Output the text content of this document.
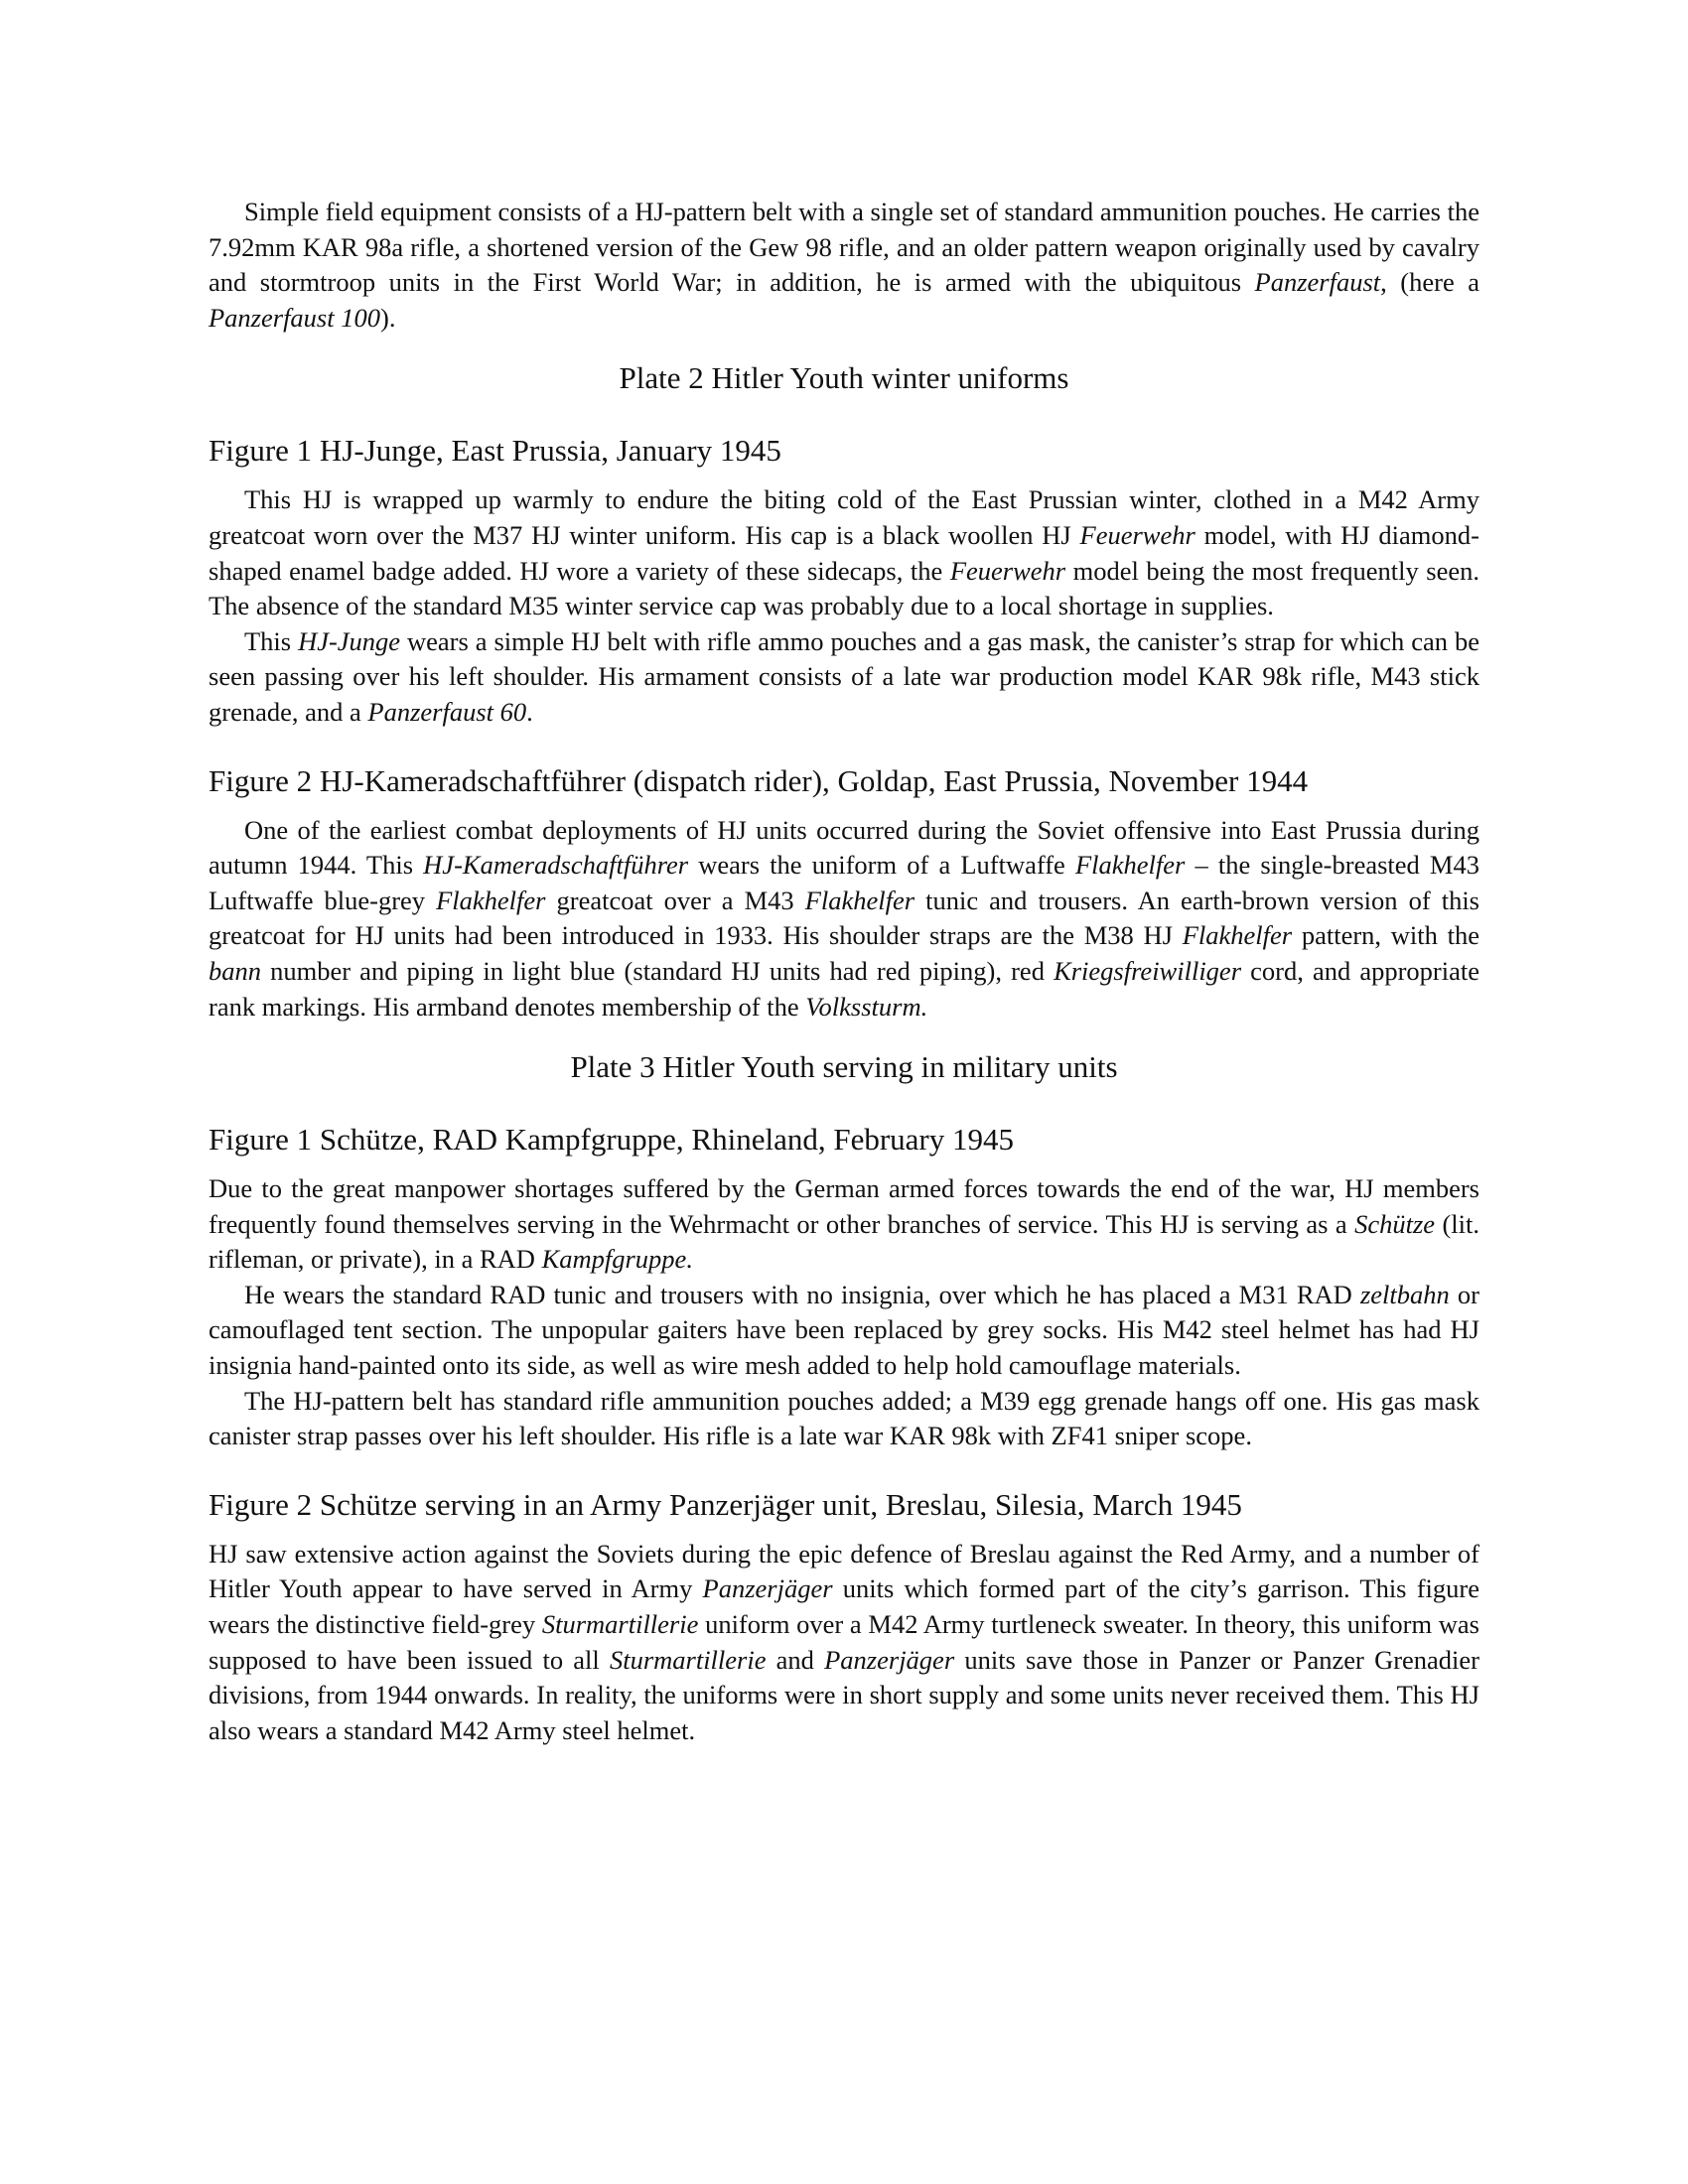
Simple field equipment consists of a HJ-pattern belt with a single set of standard ammunition pouches. He carries the 7.92mm KAR 98a rifle, a shortened version of the Gew 98 rifle, and an older pattern weapon originally used by cavalry and stormtroop units in the First World War; in addition, he is armed with the ubiquitous Panzerfaust, (here a Panzerfaust 100).

Plate 2 Hitler Youth winter uniforms
Figure 1 HJ-Junge, East Prussia, January 1945

This HJ is wrapped up warmly to endure the biting cold of the East Prussian winter, clothed in a M42 Army greatcoat worn over the M37 HJ winter uniform. His cap is a black woollen HJ Feuerwehr model, with HJ diamond-shaped enamel badge added. HJ wore a variety of these sidecaps, the Feuerwehr model being the most frequently seen. The absence of the standard M35 winter service cap was probably due to a local shortage in supplies.

This HJ-Junge wears a simple HJ belt with rifle ammo pouches and a gas mask, the canister’s strap for which can be seen passing over his left shoulder. His armament consists of a late war production model KAR 98k rifle, M43 stick grenade, and a Panzerfaust 60.

Figure 2 HJ-Kameradschaftführer (dispatch rider), Goldap, East Prussia, November 1944

One of the earliest combat deployments of HJ units occurred during the Soviet offensive into East Prussia during autumn 1944. This HJ-Kameradschaftführer wears the uniform of a Luftwaffe Flakhelfer – the single-breasted M43 Luftwaffe blue-grey Flakhelfer greatcoat over a M43 Flakhelfer tunic and trousers. An earth-brown version of this greatcoat for HJ units had been introduced in 1933. His shoulder straps are the M38 HJ Flakhelfer pattern, with the bann number and piping in light blue (standard HJ units had red piping), red Kriegsfreiwilliger cord, and appropriate rank markings. His armband denotes membership of the Volkssturm.

Plate 3 Hitler Youth serving in military units
Figure 1 Schütze, RAD Kampfgruppe, Rhineland, February 1945

Due to the great manpower shortages suffered by the German armed forces towards the end of the war, HJ members frequently found themselves serving in the Wehrmacht or other branches of service. This HJ is serving as a Schütze (lit. rifleman, or private), in a RAD Kampfgruppe.

He wears the standard RAD tunic and trousers with no insignia, over which he has placed a M31 RAD zeltbahn or camouflaged tent section. The unpopular gaiters have been replaced by grey socks. His M42 steel helmet has had HJ insignia hand-painted onto its side, as well as wire mesh added to help hold camouflage materials.

The HJ-pattern belt has standard rifle ammunition pouches added; a M39 egg grenade hangs off one. His gas mask canister strap passes over his left shoulder. His rifle is a late war KAR 98k with ZF41 sniper scope.

Figure 2 Schütze serving in an Army Panzerjäger unit, Breslau, Silesia, March 1945

HJ saw extensive action against the Soviets during the epic defence of Breslau against the Red Army, and a number of Hitler Youth appear to have served in Army Panzerjäger units which formed part of the city’s garrison. This figure wears the distinctive field-grey Sturmartillerie uniform over a M42 Army turtleneck sweater. In theory, this uniform was supposed to have been issued to all Sturmartillerie and Panzerjäger units save those in Panzer or Panzer Grenadier divisions, from 1944 onwards. In reality, the uniforms were in short supply and some units never received them. This HJ also wears a standard M42 Army steel helmet.
